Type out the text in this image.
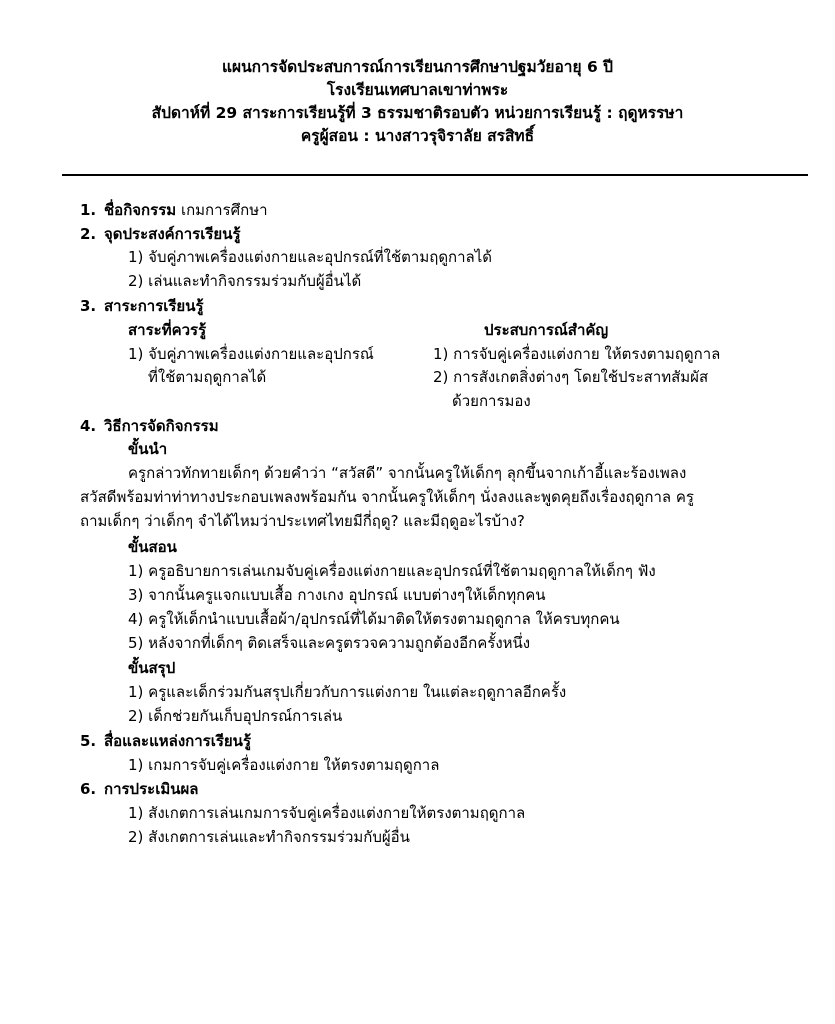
แผนการจัดประสบการณ์การเรียนการศึกษาปฐมวัยอายุ 6 ปี
โรงเรียนเทศบาลเขาท่าพระ
สัปดาห์ที่ 29 สาระการเรียนรู้ที่ 3 ธรรมชาติรอบตัว หน่วยการเรียนรู้ : ฤดูหรรษา
ครูผู้สอน : นางสาวรุจิราลัย สรสิทธิ์
1. ชื่อกิจกรรม เกมการศึกษา
2. จุดประสงค์การเรียนรู้
1) จับคู่ภาพเครื่องแต่งกายและอุปกรณ์ที่ใช้ตามฤดูกาลได้
2) เล่นและทำกิจกรรมร่วมกับผู้อื่นได้
3. สาระการเรียนรู้
สาระที่ควรรู้
1) จับคู่ภาพเครื่องแต่งกายและอุปกรณ์
ที่ใช้ตามฤดูกาลได้
ประสบการณ์สำคัญ
1) การจับคู่เครื่องแต่งกาย ให้ตรงตามฤดูกาล
2) การสังเกตสิ่งต่างๆ โดยใช้ประสาทสัมผัส
ด้วยการมอง
4. วิธีการจัดกิจกรรม
ขั้นนำ
ครูกล่าวทักทายเด็กๆ ด้วยคำว่า “สวัสดี” จากนั้นครูให้เด็กๆ ลุกขึ้นจากเก้าอี้และร้องเพลง
สวัสดีพร้อมท่าท่าทางประกอบเพลงพร้อมกัน จากนั้นครูให้เด็กๆ นั่งลงและพูดคุยถึงเรื่องฤดูกาล ครู
ถามเด็กๆ ว่าเด็กๆ จำได้ไหมว่าประเทศไทยมีกี่ฤดู? และมีฤดูอะไรบ้าง?
ขั้นสอน
1) ครูอธิบายการเล่นเกมจับคู่เครื่องแต่งกายและอุปกรณ์ที่ใช้ตามฤดูกาลให้เด็กๆ ฟัง
3) จากนั้นครูแจกแบบเสื้อ กางเกง อุปกรณ์ แบบต่างๆให้เด็กทุกคน
4) ครูให้เด็กนำแบบเสื้อผ้า/อุปกรณ์ที่ได้มาติดให้ตรงตามฤดูกาล ให้ครบทุกคน
5) หลังจากที่เด็กๆ ติดเสร็จและครูตรวจความถูกต้องอีกครั้งหนึ่ง
ขั้นสรุป
1) ครูและเด็กร่วมกันสรุปเกี่ยวกับการแต่งกาย ในแต่ละฤดูกาลอีกครั้ง
2) เด็กช่วยกันเก็บอุปกรณ์การเล่น
5. สื่อและแหล่งการเรียนรู้
1) เกมการจับคู่เครื่องแต่งกาย ให้ตรงตามฤดูกาล
6. การประเมินผล
1) สังเกตการเล่นเกมการจับคู่เครื่องแต่งกายให้ตรงตามฤดูกาล
2) สังเกตการเล่นและทำกิจกรรมร่วมกับผู้อื่น
